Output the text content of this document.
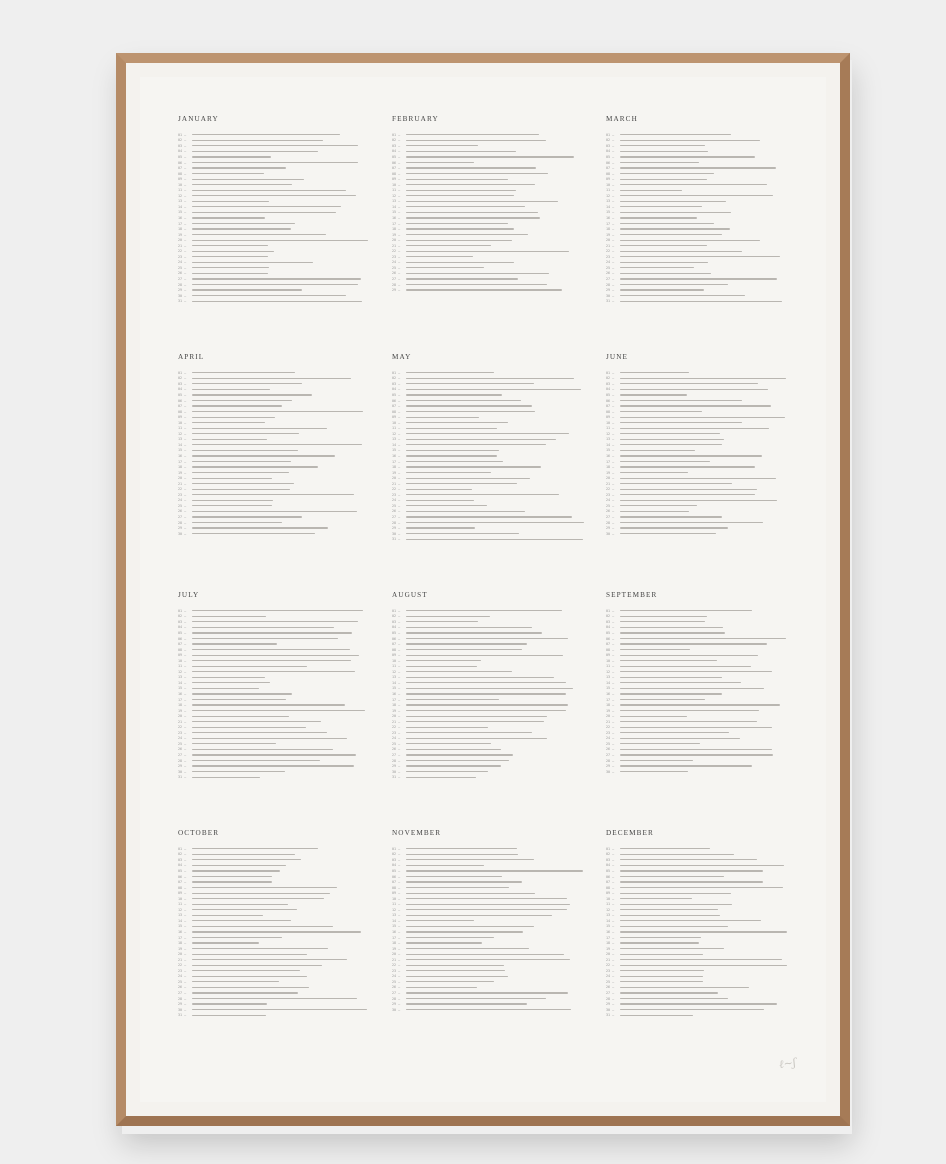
JANUARY
01 —
02 —
03 —
04 —
05 —
06 —
07 —
08 —
09 —
10 —
11 —
12 —
13 —
14 —
15 —
16 —
17 —
18 —
19 —
20 —
21 —
22 —
23 —
24 —
25 —
26 —
27 —
28 —
29 —
30 —
31 —
FEBRUARY
01 —
02 —
03 —
04 —
05 —
06 —
07 —
08 —
09 —
10 —
11 —
12 —
13 —
14 —
15 —
16 —
17 —
18 —
19 —
20 —
21 —
22 —
23 —
24 —
25 —
26 —
27 —
28 —
29 —
MARCH
01 —
02 —
03 —
04 —
05 —
06 —
07 —
08 —
09 —
10 —
11 —
12 —
13 —
14 —
15 —
16 —
17 —
18 —
19 —
20 —
21 —
22 —
23 —
24 —
25 —
26 —
27 —
28 —
29 —
30 —
31 —
APRIL
01 —
02 —
03 —
04 —
05 —
06 —
07 —
08 —
09 —
10 —
11 —
12 —
13 —
14 —
15 —
16 —
17 —
18 —
19 —
20 —
21 —
22 —
23 —
24 —
25 —
26 —
27 —
28 —
29 —
30 —
MAY
01 —
02 —
03 —
04 —
05 —
06 —
07 —
08 —
09 —
10 —
11 —
12 —
13 —
14 —
15 —
16 —
17 —
18 —
19 —
20 —
21 —
22 —
23 —
24 —
25 —
26 —
27 —
28 —
29 —
30 —
31 —
JUNE
01 —
02 —
03 —
04 —
05 —
06 —
07 —
08 —
09 —
10 —
11 —
12 —
13 —
14 —
15 —
16 —
17 —
18 —
19 —
20 —
21 —
22 —
23 —
24 —
25 —
26 —
27 —
28 —
29 —
30 —
JULY
01 —
02 —
03 —
04 —
05 —
06 —
07 —
08 —
09 —
10 —
11 —
12 —
13 —
14 —
15 —
16 —
17 —
18 —
19 —
20 —
21 —
22 —
23 —
24 —
25 —
26 —
27 —
28 —
29 —
30 —
31 —
AUGUST
01 —
02 —
03 —
04 —
05 —
06 —
07 —
08 —
09 —
10 —
11 —
12 —
13 —
14 —
15 —
16 —
17 —
18 —
19 —
20 —
21 —
22 —
23 —
24 —
25 —
26 —
27 —
28 —
29 —
30 —
31 —
SEPTEMBER
01 —
02 —
03 —
04 —
05 —
06 —
07 —
08 —
09 —
10 —
11 —
12 —
13 —
14 —
15 —
16 —
17 —
18 —
19 —
20 —
21 —
22 —
23 —
24 —
25 —
26 —
27 —
28 —
29 —
30 —
OCTOBER
01 —
02 —
03 —
04 —
05 —
06 —
07 —
08 —
09 —
10 —
11 —
12 —
13 —
14 —
15 —
16 —
17 —
18 —
19 —
20 —
21 —
22 —
23 —
24 —
25 —
26 —
27 —
28 —
29 —
30 —
31 —
NOVEMBER
01 —
02 —
03 —
04 —
05 —
06 —
07 —
08 —
09 —
10 —
11 —
12 —
13 —
14 —
15 —
16 —
17 —
18 —
19 —
20 —
21 —
22 —
23 —
24 —
25 —
26 —
27 —
28 —
29 —
30 —
DECEMBER
01 —
02 —
03 —
04 —
05 —
06 —
07 —
08 —
09 —
10 —
11 —
12 —
13 —
14 —
15 —
16 —
17 —
18 —
19 —
20 —
21 —
22 —
23 —
24 —
25 —
26 —
27 —
28 —
29 —
30 —
31 —
ℓ~ʃ
